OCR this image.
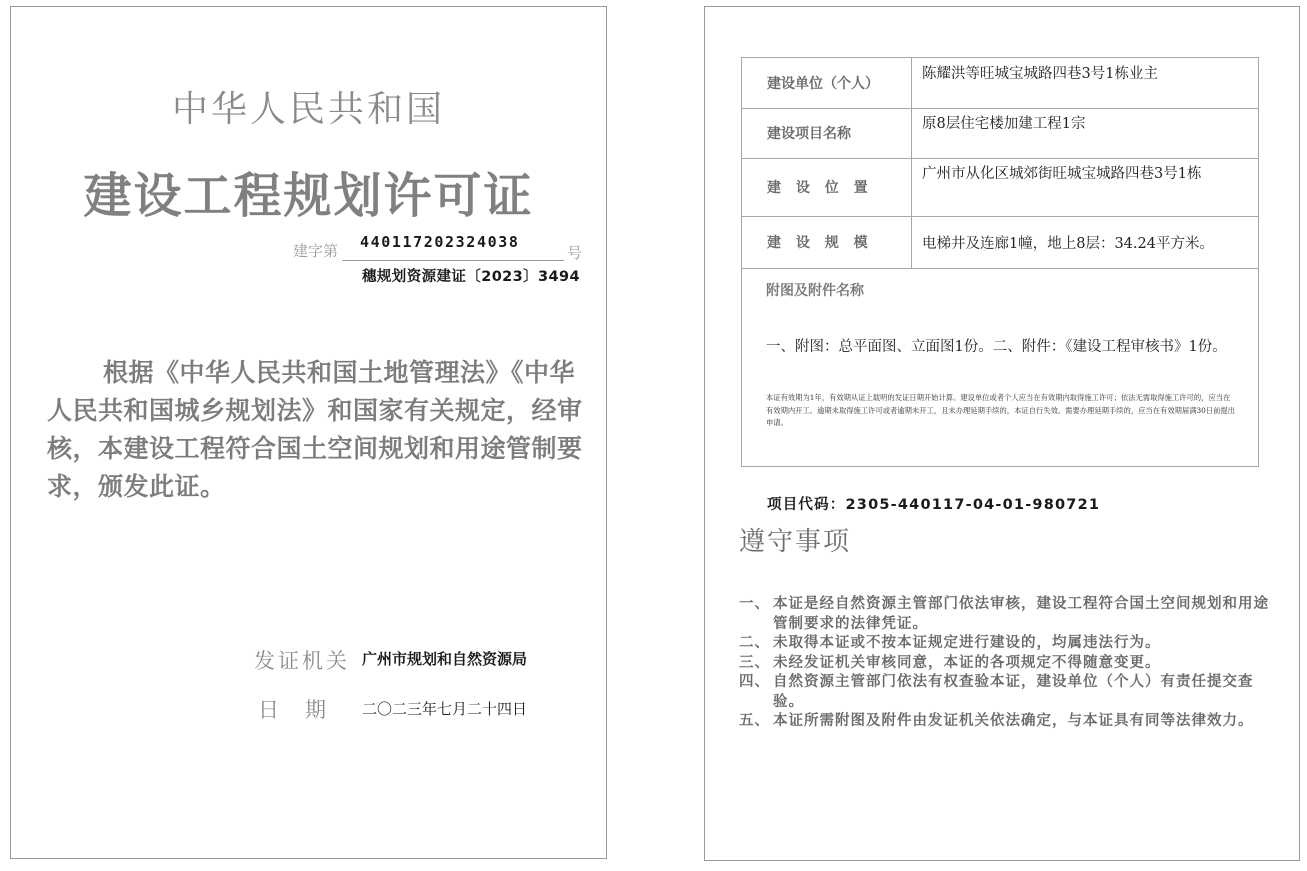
中华人民共和国
建设工程规划许可证
建字第 440117202324038
号
穗规划资源建证〔2023〕3494
根据《中华人民共和国土地管理法》《中华人民共和国城乡规划法》和国家有关规定，经审核，本建设工程符合国土空间规划和用途管制要求，颁发此证。
发证机关 广州市规划和自然资源局
日期 二〇二三年七月二十四日
建设单位（个人）
陈耀洪等旺城宝城路四巷3号1栋业主
建设项目名称
原8层住宅楼加建工程1宗
建 设 位 置
广州市从化区城郊街旺城宝城路四巷3号1栋
建 设 规 模	电梯井及连廊1幢，地上8层：34.24平方米。
附图及附件名称
一、附图：总平面图、立面图1份。二、附件：《建设工程审核书》1份。
本证有效期为1年，有效期从证上载明的发证日期开始计算。建设单位或者个人应当在有效期内取得施工许可；依法无需取得施工许可的，应当在有效期内开工。逾期未取得施工许可或者逾期未开工，且未办理延期手续的，本证自行失效。需要办理延期手续的，应当在有效期届满30日前提出申请。
项目代码：2305-440117-04-01-980721
遵守事项
一、 本证是经自然资源主管部门依法审核，建设工程符合国土空间规划和用途管制要求的法律凭证。
二、 未取得本证或不按本证规定进行建设的，均属违法行为。
三、 未经发证机关审核同意，本证的各项规定不得随意变更。
四、 自然资源主管部门依法有权查验本证，建设单位（个人）有责任提交查验。
五、 本证所需附图及附件由发证机关依法确定，与本证具有同等法律效力。
